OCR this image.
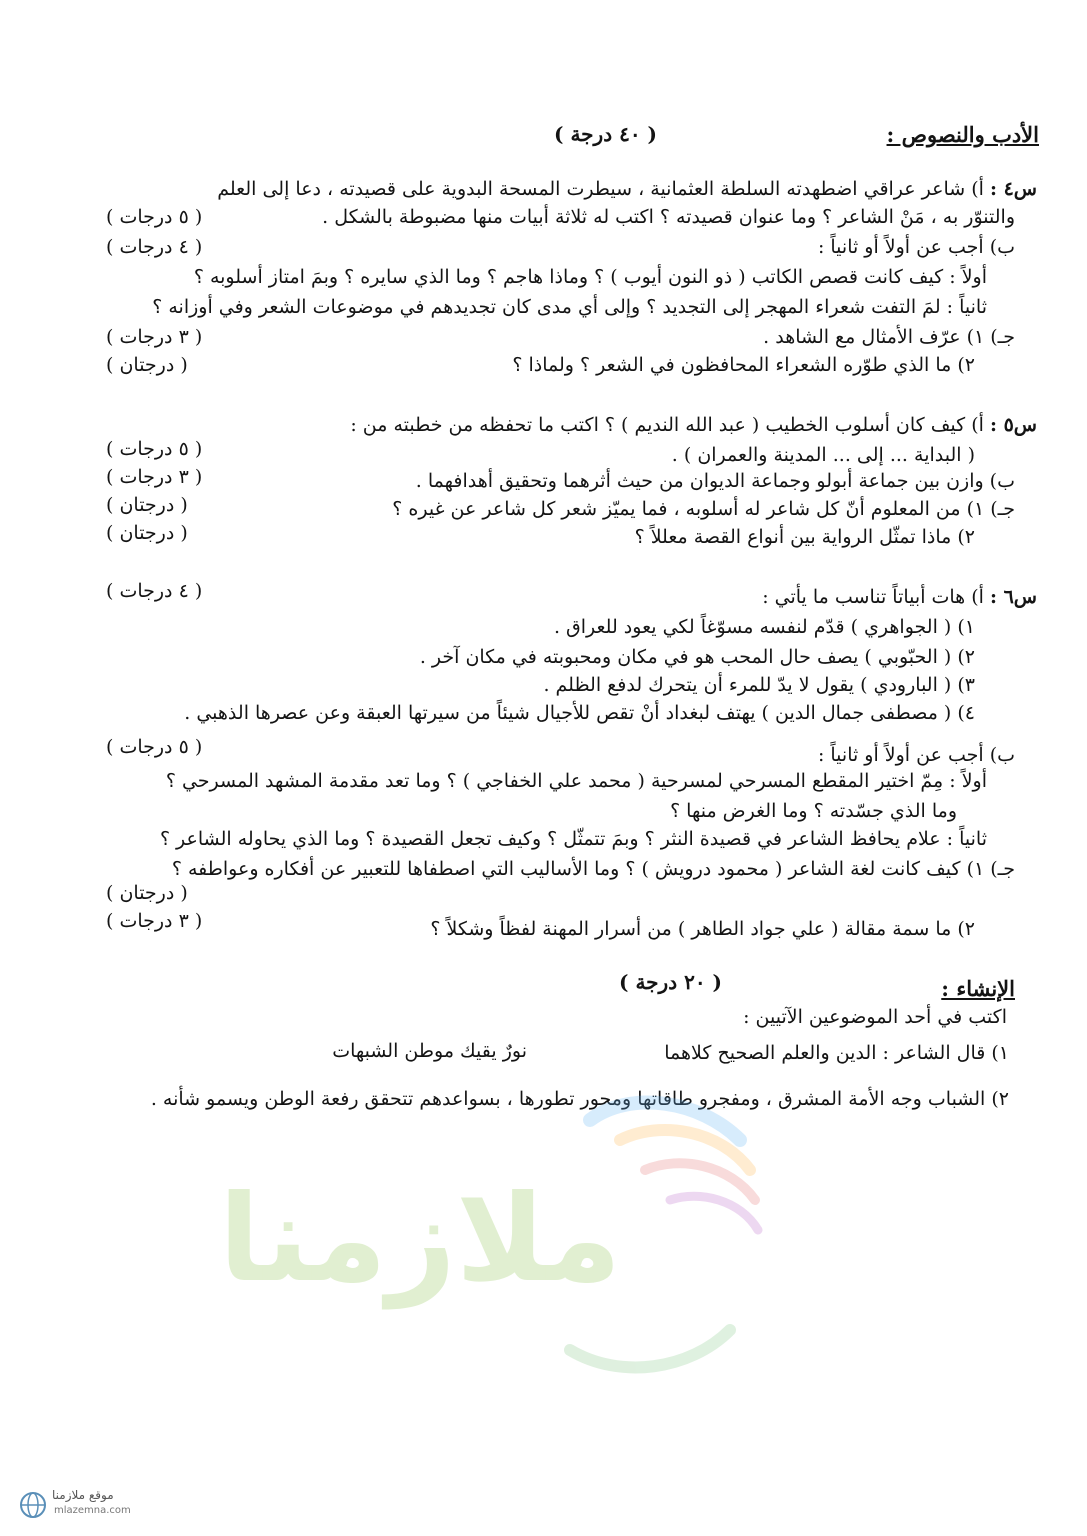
الأدب والنصوص :
( ٤٠ درجة )
س٤ :
أ) شاعر عراقي اضطهدته السلطة العثمانية ، سيطرت المسحة البدوية على قصيدته ، دعا إلى العلم
والتنوّر به ، مَنْ الشاعر ؟ وما عنوان قصيدته ؟ اكتب له ثلاثة أبيات منها مضبوطة بالشكل .
( ٥ درجات )
ب) أجب عن أولاً أو ثانياً :
( ٤ درجات )
أولاً : كيف كانت قصص الكاتب ( ذو النون أيوب ) ؟ وماذا هاجم ؟ وما الذي سايره ؟ وبمَ امتاز أسلوبه ؟
ثانياً : لمَ التفت شعراء المهجر إلى التجديد ؟ وإلى أي مدى كان تجديدهم في موضوعات الشعر وفي أوزانه ؟
جـ) ١) عرّف الأمثال مع الشاهد .
( ٣ درجات )
٢) ما الذي طوّره الشعراء المحافظون في الشعر ؟ ولماذا ؟
( درجتان )
س٥ :
أ) كيف كان أسلوب الخطيب ( عبد الله النديم ) ؟ اكتب ما تحفظه من خطبته من :
( البداية ... إلى ... المدينة والعمران ) .
( ٥ درجات )
ب) وازن بين جماعة أبولو وجماعة الديوان من حيث أثرهما وتحقيق أهدافهما .
( ٣ درجات )
جـ) ١) من المعلوم أنّ كل شاعر له أسلوبه ، فما يميّز شعر كل شاعر عن غيره ؟
( درجتان )
٢) ماذا تمثّل الرواية بين أنواع القصة معللاً ؟
( درجتان )
س٦ :
أ) هات أبياتاً تناسب ما يأتي :
( ٤ درجات )
١) ( الجواهري ) قدّم لنفسه مسوّغاً لكي يعود للعراق .
٢) ( الحبّوبي ) يصف حال المحب هو في مكان ومحبوبته في مكان آخر .
٣) ( البارودي ) يقول لا يدّ للمرء أن يتحرك لدفع الظلم .
٤) ( مصطفى جمال الدين ) يهتف لبغداد أنْ تقص للأجيال شيئاً من سيرتها العبقة وعن عصرها الذهبي .
ب) أجب عن أولاً أو ثانياً :
( ٥ درجات )
أولاً : مِمّ اختير المقطع المسرحي لمسرحية ( محمد علي الخفاجي ) ؟ وما تعد مقدمة المشهد المسرحي ؟
وما الذي جسّدته ؟ وما الغرض منها ؟
ثانياً : علام يحافظ الشاعر في قصيدة النثر ؟ وبمَ تتمثّل ؟ وكيف تجعل القصيدة ؟ وما الذي يحاوله الشاعر ؟
جـ) ١) كيف كانت لغة الشاعر ( محمود درويش ) ؟ وما الأساليب التي اصطفاها للتعبير عن أفكاره وعواطفه ؟
( درجتان )
٢) ما سمة مقالة ( علي جواد الطاهر ) من أسرار المهنة لفظاً وشكلاً ؟
( ٣ درجات )
الإنشاء :
( ٢٠ درجة )
اكتب في أحد الموضوعين الآتيين :
١) قال الشاعر : الدين والعلم الصحيح كلاهما
نورٌ يقيك موطن الشبهات
٢) الشباب وجه الأمة المشرق ، ومفجرو طاقاتها ومحور تطورها ، بسواعدهم تتحقق رفعة الوطن ويسمو شأنه .
ملازمنا
موقع ملازمنا
mlazemna.com
